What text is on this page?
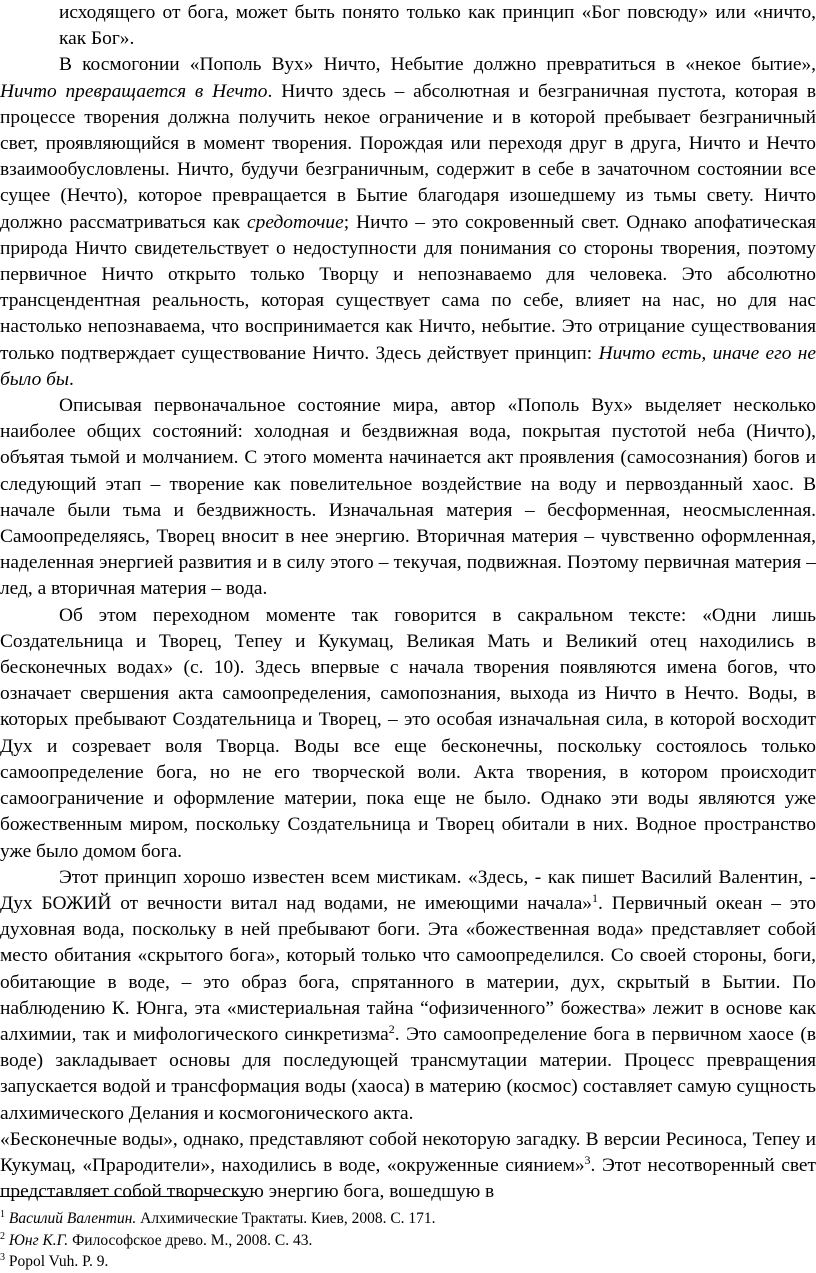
исходящего от бога, может быть понято только как принцип «Бог повсюду» или «ничто, как Бог».

В космогонии «Пополь Вух» Ничто, Небытие должно превратиться в «некое бытие», Ничто превращается в Нечто. Ничто здесь – абсолютная и безграничная пустота, которая в процессе творения должна получить некое ограничение и в которой пребывает безграничный свет, проявляющийся в момент творения. Порождая или переходя друг в друга, Ничто и Нечто взаимообусловлены. Ничто, будучи безграничным, содержит в себе в зачаточном состоянии все сущее (Нечто), которое превращается в Бытие благодаря изошедшему из тьмы свету. Ничто должно рассматриваться как средоточие; Ничто – это сокровенный свет. Однако апофатическая природа Ничто свидетельствует о недоступности для понимания со стороны творения, поэтому первичное Ничто открыто только Творцу и непознаваемо для человека. Это абсолютно трансцендентная реальность, которая существует сама по себе, влияет на нас, но для нас настолько непознаваема, что воспринимается как Ничто, небытие. Это отрицание существования только подтверждает существование Ничто. Здесь действует принцип: Ничто есть, иначе его не было бы.

Описывая первоначальное состояние мира, автор «Пополь Вух» выделяет несколько наиболее общих состояний: холодная и бездвижная вода, покрытая пустотой неба (Ничто), объятая тьмой и молчанием. С этого момента начинается акт проявления (самосознания) богов и следующий этап – творение как повелительное воздействие на воду и первозданный хаос. В начале были тьма и бездвижность. Изначальная материя – бесформенная, неосмысленная. Самоопределяясь, Творец вносит в нее энергию. Вторичная материя – чувственно оформленная, наделенная энергией развития и в силу этого – текучая, подвижная. Поэтому первичная материя – лед, а вторичная материя – вода.

Об этом переходном моменте так говорится в сакральном тексте: «Одни лишь Создательница и Творец, Тепеу и Кукумац, Великая Мать и Великий отец находились в бесконечных водах» (с. 10). Здесь впервые с начала творения появляются имена богов, что означает свершения акта самоопределения, самопознания, выхода из Ничто в Нечто. Воды, в которых пребывают Создательница и Творец, – это особая изначальная сила, в которой восходит Дух и созревает воля Творца. Воды все еще бесконечны, поскольку состоялось только самоопределение бога, но не его творческой воли. Акта творения, в котором происходит самоограничение и оформление материи, пока еще не было. Однако эти воды являются уже божественным миром, поскольку Создательница и Творец обитали в них. Водное пространство уже было домом бога.

Этот принцип хорошо известен всем мистикам. «Здесь, - как пишет Василий Валентин, - Дух БОЖИЙ от вечности витал над водами, не имеющими начала»$^1$. Первичный океан – это духовная вода, поскольку в ней пребывают боги. Эта «божественная вода» представляет собой место обитания «скрытого бога», который только что самоопределился. Со своей стороны, боги, обитающие в воде, – это образ бога, спрятанного в материи, дух, скрытый в Бытии. По наблюдению К. Юнга, эта «мистериальная тайна “офизиченного” божества» лежит в основе как алхимии, так и мифологического синкретизма$^2$. Это самоопределение бога в первичном хаосе (в воде) закладывает основы для последующей трансмутации материи. Процесс превращения запускается водой и трансформация воды (хаоса) в материю (космос) составляет самую сущность алхимического Делания и космогонического акта.

«Бесконечные воды», однако, представляют собой некоторую загадку. В версии Ресиноса, Тепеу и Кукумац, «Прародители», находились в воде, «окруженные сиянием»$^3$. Этот несотворенный свет представляет собой творческую энергию бога, вошедшую в

$^1$ Василий Валентин. Алхимические Трактаты. Киев, 2008. С. 171.

$^2$ Юнг К.Г. Философское древо. М., 2008. С. 43.

$^3$ Popol Vuh. P. 9.
